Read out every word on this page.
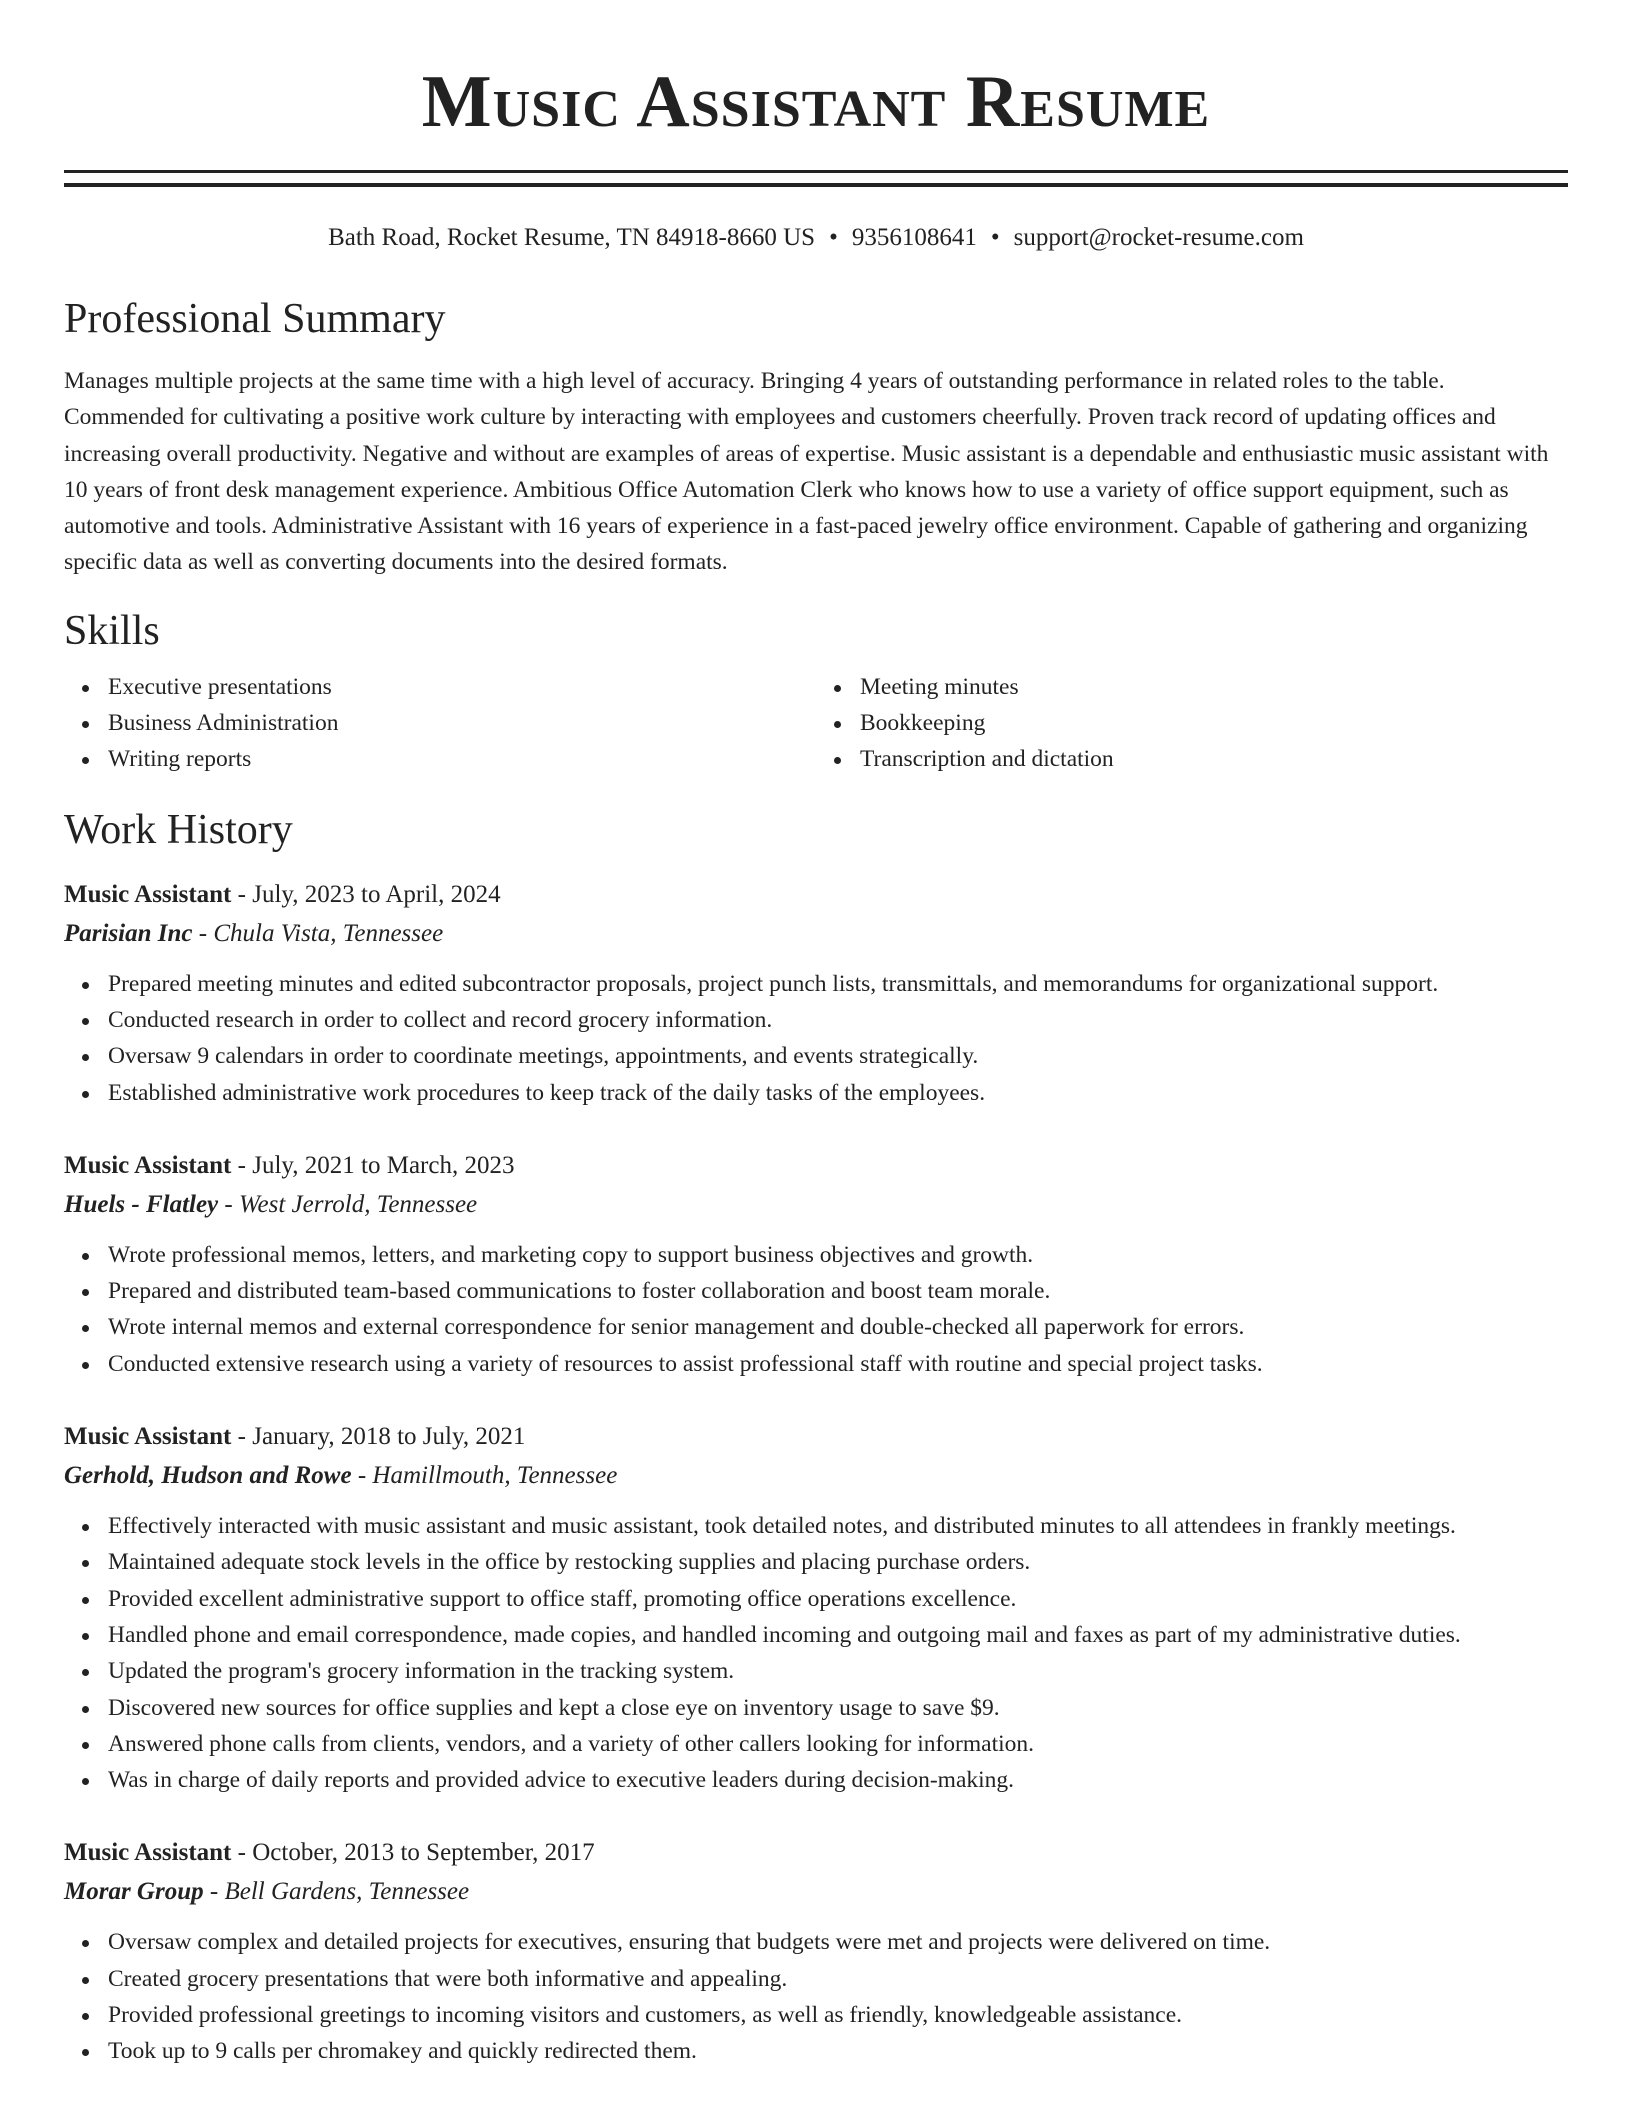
Music Assistant Resume
Bath Road, Rocket Resume, TN 84918-8660 US • 9356108641 • support@rocket-resume.com
Professional Summary

Manages multiple projects at the same time with a high level of accuracy. Bringing 4 years of outstanding performance in related roles to the table. Commended for cultivating a positive work culture by interacting with employees and customers cheerfully. Proven track record of updating offices and increasing overall productivity. Negative and without are examples of areas of expertise. Music assistant is a dependable and enthusiastic music assistant with 10 years of front desk management experience. Ambitious Office Automation Clerk who knows how to use a variety of office support equipment, such as automotive and tools. Administrative Assistant with 16 years of experience in a fast-paced jewelry office environment. Capable of gathering and organizing specific data as well as converting documents into the desired formats.

Skills
Executive presentations
Business Administration
Writing reports
Meeting minutes
Bookkeeping
Transcription and dictation
Work History
Music Assistant - July, 2023 to April, 2024
Parisian Inc - Chula Vista, Tennessee
Prepared meeting minutes and edited subcontractor proposals, project punch lists, transmittals, and memorandums for organizational support.
Conducted research in order to collect and record grocery information.
Oversaw 9 calendars in order to coordinate meetings, appointments, and events strategically.
Established administrative work procedures to keep track of the daily tasks of the employees.
Music Assistant - July, 2021 to March, 2023
Huels - Flatley - West Jerrold, Tennessee
Wrote professional memos, letters, and marketing copy to support business objectives and growth.
Prepared and distributed team-based communications to foster collaboration and boost team morale.
Wrote internal memos and external correspondence for senior management and double-checked all paperwork for errors.
Conducted extensive research using a variety of resources to assist professional staff with routine and special project tasks.
Music Assistant - January, 2018 to July, 2021
Gerhold, Hudson and Rowe - Hamillmouth, Tennessee
Effectively interacted with music assistant and music assistant, took detailed notes, and distributed minutes to all attendees in frankly meetings.
Maintained adequate stock levels in the office by restocking supplies and placing purchase orders.
Provided excellent administrative support to office staff, promoting office operations excellence.
Handled phone and email correspondence, made copies, and handled incoming and outgoing mail and faxes as part of my administrative duties.
Updated the program's grocery information in the tracking system.
Discovered new sources for office supplies and kept a close eye on inventory usage to save $9.
Answered phone calls from clients, vendors, and a variety of other callers looking for information.
Was in charge of daily reports and provided advice to executive leaders during decision-making.
Music Assistant - October, 2013 to September, 2017
Morar Group - Bell Gardens, Tennessee
Oversaw complex and detailed projects for executives, ensuring that budgets were met and projects were delivered on time.
Created grocery presentations that were both informative and appealing.
Provided professional greetings to incoming visitors and customers, as well as friendly, knowledgeable assistance.
Took up to 9 calls per chromakey and quickly redirected them.
